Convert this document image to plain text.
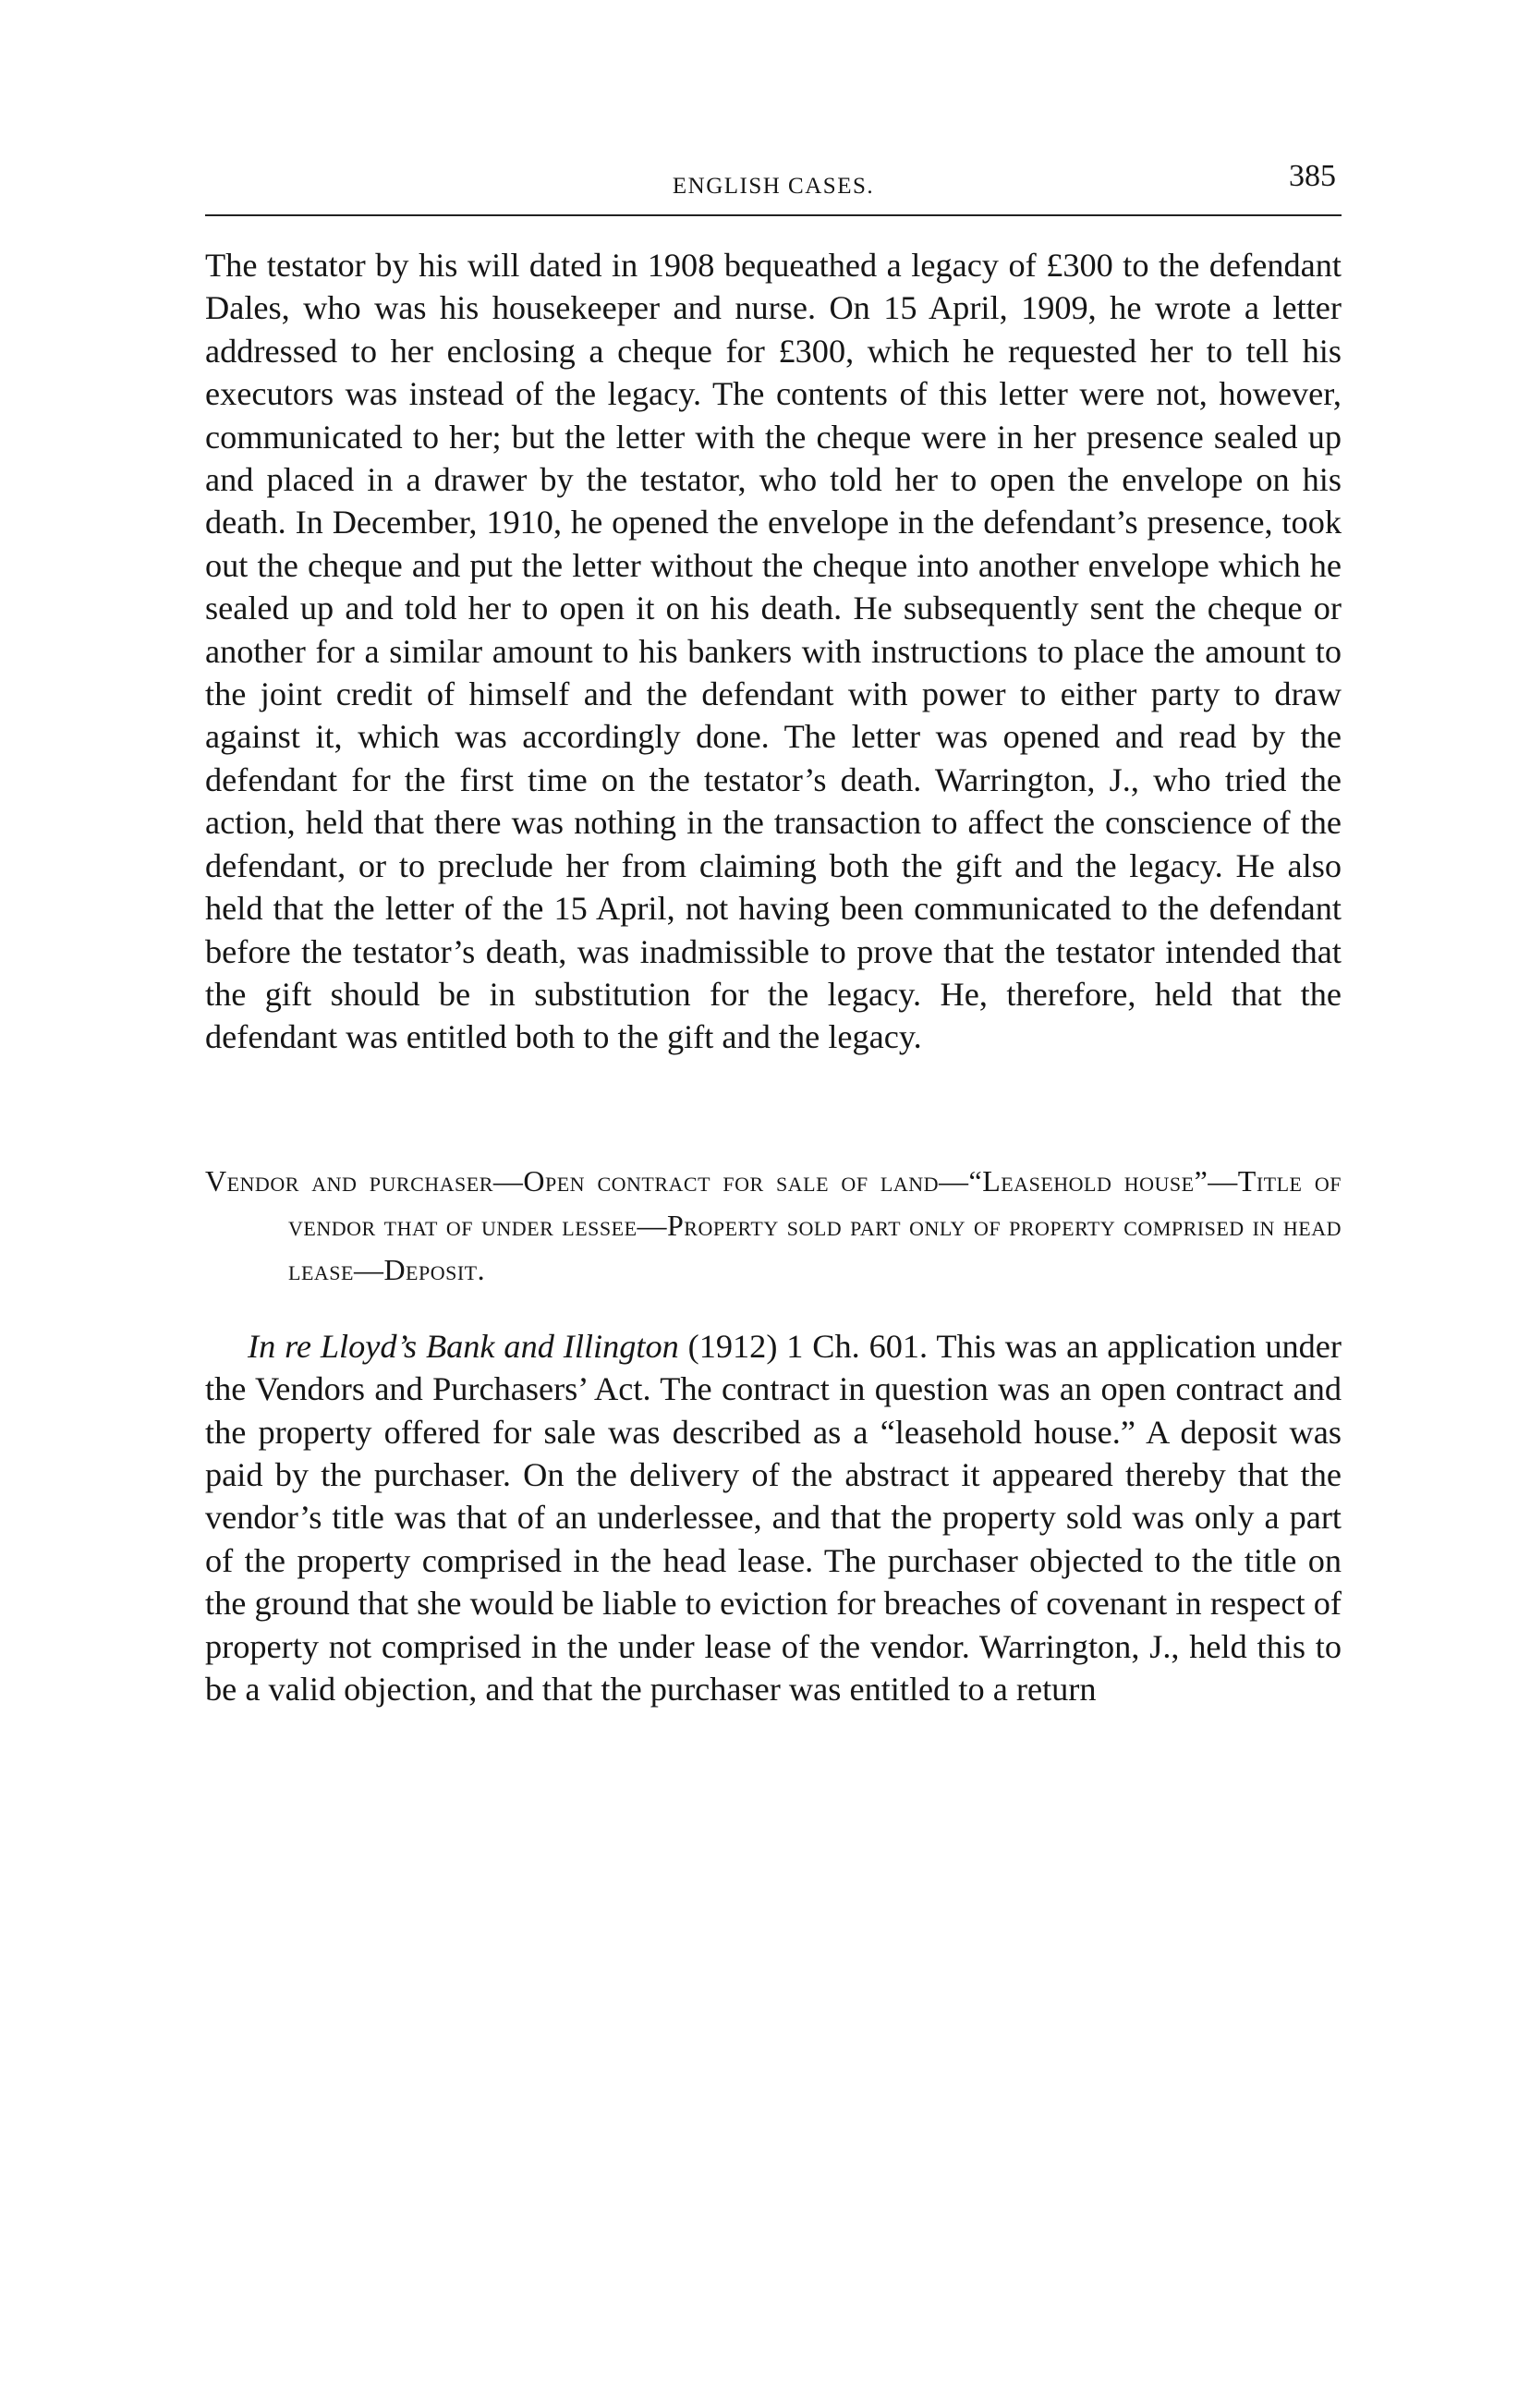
ENGLISH CASES.	385

The testator by his will dated in 1908 bequeathed a legacy of £300 to the defendant Dales, who was his housekeeper and nurse. On 15 April, 1909, he wrote a letter addressed to her enclosing a cheque for £300, which he requested her to tell his executors was instead of the legacy. The contents of this letter were not, however, communicated to her; but the letter with the cheque were in her presence sealed up and placed in a drawer by the testator, who told her to open the envelope on his death. In December, 1910, he opened the envelope in the defendant’s presence, took out the cheque and put the letter without the cheque into another envelope which he sealed up and told her to open it on his death. He subsequently sent the cheque or another for a similar amount to his bankers with instructions to place the amount to the joint credit of himself and the defendant with power to either party to draw against it, which was accordingly done. The letter was opened and read by the defendant for the first time on the testator’s death. Warrington, J., who tried the action, held that there was nothing in the transaction to affect the conscience of the defendant, or to preclude her from claiming both the gift and the legacy. He also held that the letter of the 15 April, not having been communicated to the defendant before the testator’s death, was inadmissible to prove that the testator intended that the gift should be in substitution for the legacy. He, therefore, held that the defendant was entitled both to the gift and the legacy.

Vendor and purchaser—Open contract for sale of land—“Leasehold house”—Title of vendor that of under lessee—Property sold part only of property comprised in head lease—Deposit.

In re Lloyd’s Bank and Illington (1912) 1 Ch. 601. This was an application under the Vendors and Purchasers’ Act. The contract in question was an open contract and the property offered for sale was described as a “leasehold house.” A deposit was paid by the purchaser. On the delivery of the abstract it appeared thereby that the vendor’s title was that of an underlessee, and that the property sold was only a part of the property comprised in the head lease. The purchaser objected to the title on the ground that she would be liable to eviction for breaches of covenant in respect of property not comprised in the under lease of the vendor. Warrington, J., held this to be a valid objection, and that the purchaser was entitled to a return
